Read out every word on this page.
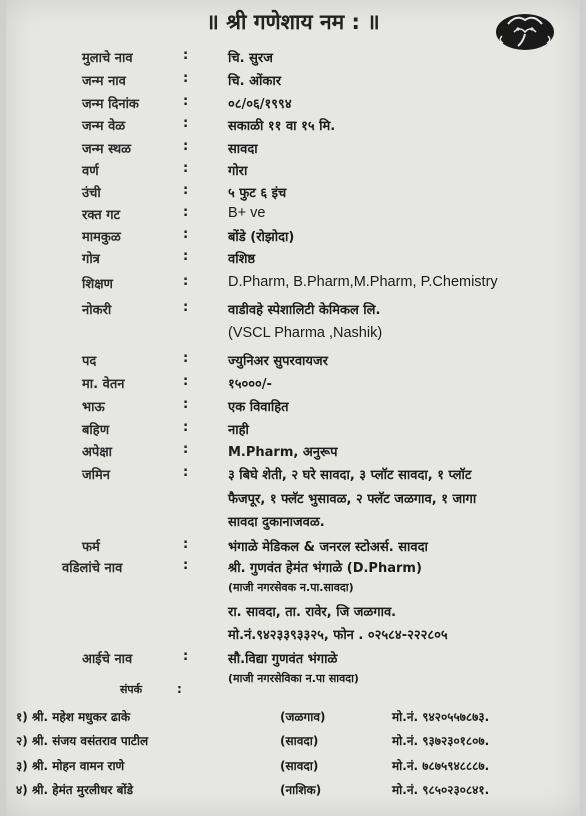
॥ श्री गणेशाय नम : ॥
मुलाचे नाव	:	चि. सुरज
जन्म नाव	:	चि. ओंकार
जन्म दिनांक	:	०८/०६/१९९४
जन्म वेळ	:	सकाळी ११ वा १५ मि.
जन्म स्थळ	:	सावदा
वर्ण	:	गोरा
उंची	:	५ फुट ६ इंच
रक्त गट	:	B+ ve
मामकुळ	:	बोंडे (रोझोदा)
गोत्र	:	वशिष्ठ
शिक्षण	:	D.Pharm, B.Pharm,M.Pharm, P.Chemistry
नोकरी	:	वाडीवहे स्पेशालिटी केमिकल लि.
(VSCL Pharma ,Nashik)
पद	:	ज्युनिअर सुपरवायजर
मा. वेतन	:	१५०००/-
भाऊ	:	एक विवाहित
बहिण	:	नाही
अपेक्षा	:	M.Pharm, अनुरूप
जमिन	:	३ बिघे शेती, २ घरे सावदा, ३ प्लॉट सावदा, १ प्लॉट
फैजपूर, १ फ्लॅट भुसावळ, २ फ्लॅट जळगाव, १ जागा
सावदा दुकानाजवळ.
फर्म	:	भंगाळे मेडिकल & जनरल स्टोअर्स. सावदा
वडिलांचे नाव	:	श्री. गुणवंत हेमंत भंगाळे (D.Pharm)
(माजी नगरसेवक न.पा.सावदा)
रा. सावदा, ता. रावेर, जि जळगाव.
मो.नं.९४२३३९३३२५, फोन . ०२५८४-२२२८०५
आईचे नाव	:	सौ.विद्या गुणवंत भंगाळे
(माजी नगरसेविका न.पा सावदा)
संपर्क	:
१) श्री. महेश मधुकर ढाके	(जळगाव)	मो.नं. ९४२०५५७८७३.
२) श्री. संजय वसंतराव पाटील	(सावदा)	मो.नं. ९३७२३०१८०७.
३) श्री. मोहन वामन राणे	(सावदा)	मो.नं. ७८७५९४८८८७.
४) श्री. हेमंत मुरलीधर बोंडे	(नाशिक)	मो.नं. ९८५०२३०८४१.
